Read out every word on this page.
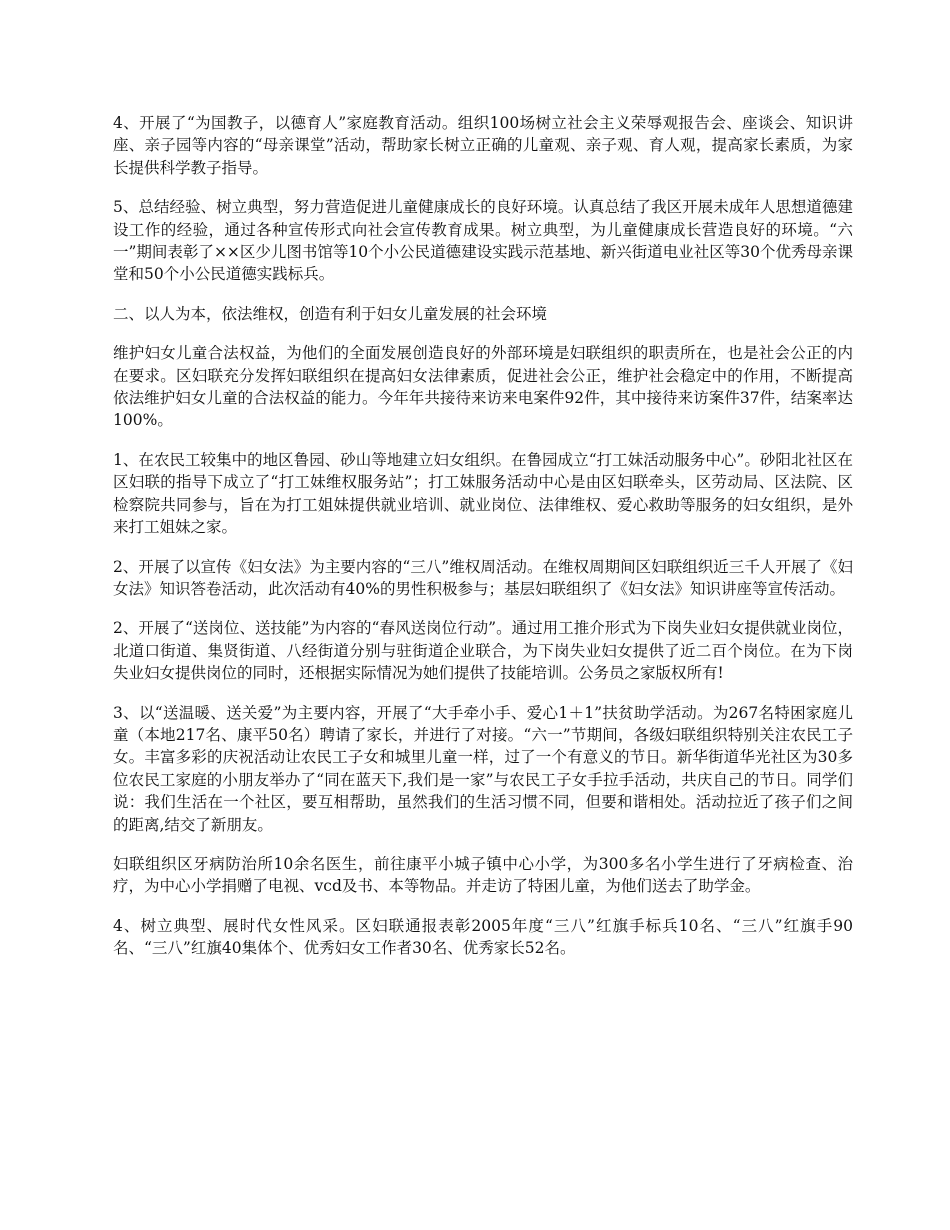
4、开展了“为国教子，以德育人”家庭教育活动。组织100场树立社会主义荣辱观报告会、座谈会、知识讲座、亲子园等内容的“母亲课堂”活动，帮助家长树立正确的儿童观、亲子观、育人观，提高家长素质，为家长提供科学教子指导。

5、总结经验、树立典型，努力营造促进儿童健康成长的良好环境。认真总结了我区开展未成年人思想道德建设工作的经验，通过各种宣传形式向社会宣传教育成果。树立典型，为儿童健康成长营造良好的环境。“六一”期间表彰了××区少儿图书馆等10个小公民道德建设实践示范基地、新兴街道电业社区等30个优秀母亲课堂和50个小公民道德实践标兵。

二、以人为本，依法维权，创造有利于妇女儿童发展的社会环境

维护妇女儿童合法权益，为他们的全面发展创造良好的外部环境是妇联组织的职责所在，也是社会公正的内在要求。区妇联充分发挥妇联组织在提高妇女法律素质，促进社会公正，维护社会稳定中的作用，不断提高依法维护妇女儿童的合法权益的能力。今年年共接待来访来电案件92件，其中接待来访案件37件，结案率达100%。

1、在农民工较集中的地区鲁园、砂山等地建立妇女组织。在鲁园成立“打工妹活动服务中心”。砂阳北社区在区妇联的指导下成立了“打工妹维权服务站”；打工妹服务活动中心是由区妇联牵头，区劳动局、区法院、区检察院共同参与，旨在为打工姐妹提供就业培训、就业岗位、法律维权、爱心救助等服务的妇女组织，是外来打工姐妹之家。

2、开展了以宣传《妇女法》为主要内容的“三八”维权周活动。在维权周期间区妇联组织近三千人开展了《妇女法》知识答卷活动，此次活动有40%的男性积极参与；基层妇联组织了《妇女法》知识讲座等宣传活动。

2、开展了“送岗位、送技能”为内容的“春风送岗位行动”。通过用工推介形式为下岗失业妇女提供就业岗位，北道口街道、集贤街道、八经街道分别与驻街道企业联合，为下岗失业妇女提供了近二百个岗位。在为下岗失业妇女提供岗位的同时，还根据实际情况为她们提供了技能培训。公务员之家版权所有!

3、以“送温暖、送关爱”为主要内容，开展了“大手牵小手、爱心1＋1”扶贫助学活动。为267名特困家庭儿童（本地217名、康平50名）聘请了家长，并进行了对接。“六一”节期间，各级妇联组织特别关注农民工子女。丰富多彩的庆祝活动让农民工子女和城里儿童一样，过了一个有意义的节日。新华街道华光社区为30多位农民工家庭的小朋友举办了“同在蓝天下,我们是一家”与农民工子女手拉手活动，共庆自己的节日。同学们说：我们生活在一个社区，要互相帮助，虽然我们的生活习惯不同，但要和谐相处。活动拉近了孩子们之间的距离,结交了新朋友。

妇联组织区牙病防治所10余名医生，前往康平小城子镇中心小学，为300多名小学生进行了牙病检查、治疗，为中心小学捐赠了电视、vcd及书、本等物品。并走访了特困儿童，为他们送去了助学金。

4、树立典型、展时代女性风采。区妇联通报表彰2005年度“三八”红旗手标兵10名、“三八”红旗手90名、“三八”红旗40集体个、优秀妇女工作者30名、优秀家长52名。
